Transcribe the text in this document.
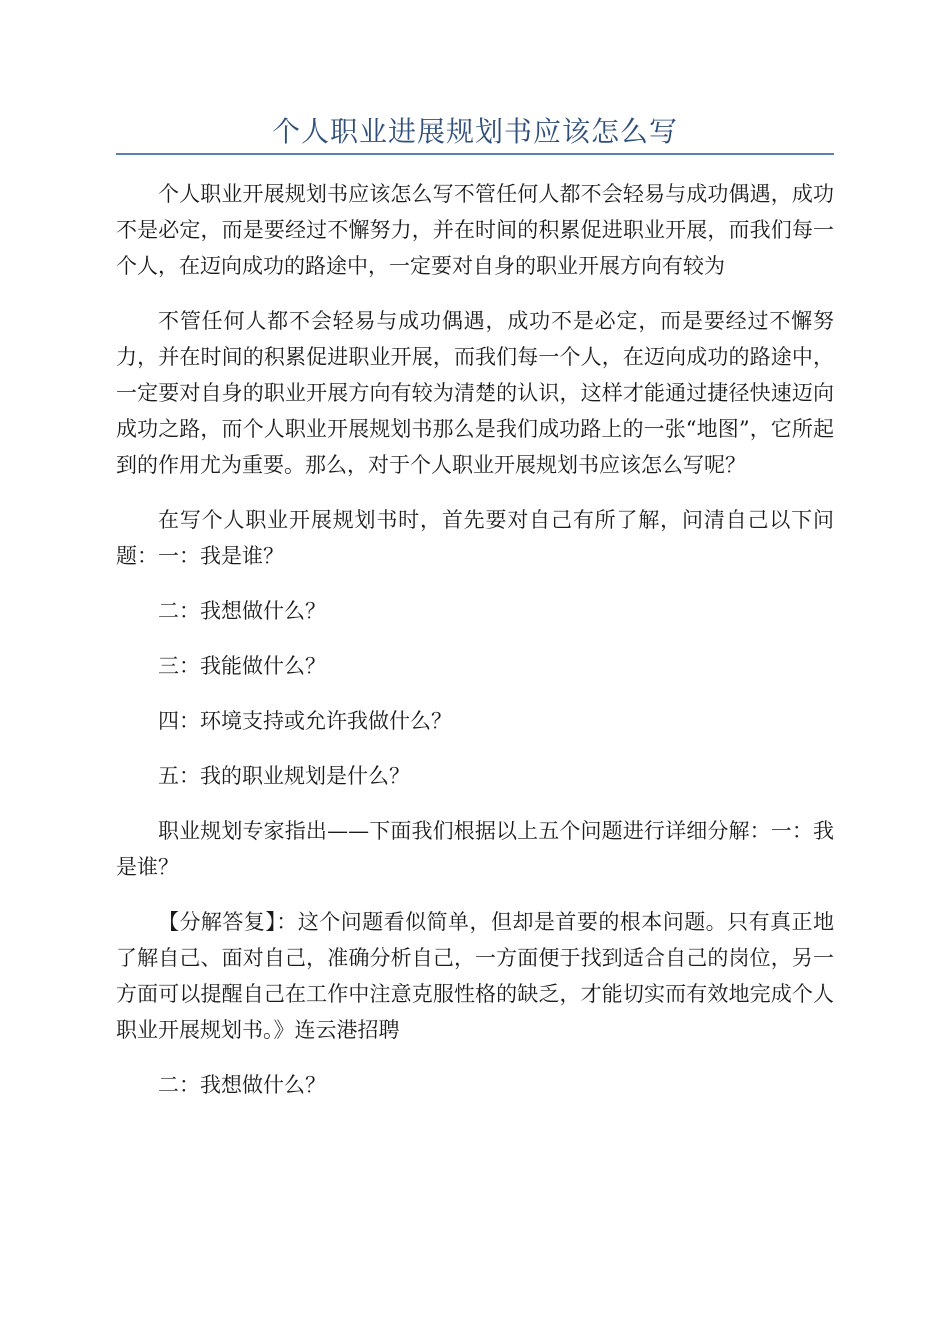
个人职业进展规划书应该怎么写

个人职业开展规划书应该怎么写不管任何人都不会轻易与成功偶遇，成功不是必定，而是要经过不懈努力，并在时间的积累促进职业开展，而我们每一个人，在迈向成功的路途中，一定要对自身的职业开展方向有较为

不管任何人都不会轻易与成功偶遇，成功不是必定，而是要经过不懈努力，并在时间的积累促进职业开展，而我们每一个人，在迈向成功的路途中，一定要对自身的职业开展方向有较为清楚的认识，这样才能通过捷径快速迈向成功之路，而个人职业开展规划书那么是我们成功路上的一张“地图”，它所起到的作用尤为重要。那么，对于个人职业开展规划书应该怎么写呢？

在写个人职业开展规划书时，首先要对自己有所了解，问清自己以下问题：一：我是谁？

二：我想做什么？

三：我能做什么？

四：环境支持或允许我做什么？

五：我的职业规划是什么？

职业规划专家指出——下面我们根据以上五个问题进行详细分解：一：我是谁？

【分解答复】：这个问题看似简单，但却是首要的根本问题。只有真正地了解自己、面对自己，准确分析自己，一方面便于找到适合自己的岗位，另一方面可以提醒自己在工作中注意克服性格的缺乏，才能切实而有效地完成个人职业开展规划书。》连云港招聘

二：我想做什么？
